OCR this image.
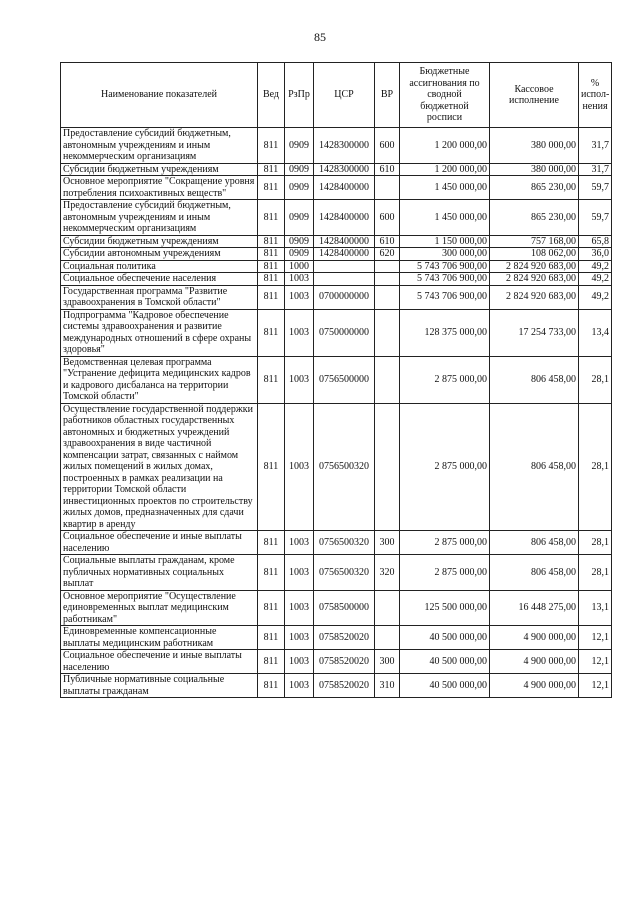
85
Наименование показателей	Вед	РзПр	ЦСР	ВР	Бюджетные ассигнования по сводной бюджетной росписи	Кассовое исполнение	% испол-нения
Предоставление субсидий бюджетным, автономным учреждениям и иным некоммерческим организациям	811	0909	1428300000	600	1 200 000,00	380 000,00	31,7
Субсидии бюджетным учреждениям	811	0909	1428300000	610	1 200 000,00	380 000,00	31,7
Основное мероприятие "Сокращение уровня потребления психоактивных веществ"	811	0909	1428400000		1 450 000,00	865 230,00	59,7
Предоставление субсидий бюджетным, автономным учреждениям и иным некоммерческим организациям	811	0909	1428400000	600	1 450 000,00	865 230,00	59,7
Субсидии бюджетным учреждениям	811	0909	1428400000	610	1 150 000,00	757 168,00	65,8
Субсидии автономным учреждениям	811	0909	1428400000	620	300 000,00	108 062,00	36,0
Социальная политика	811	1000			5 743 706 900,00	2 824 920 683,00	49,2
Социальное обеспечение населения	811	1003			5 743 706 900,00	2 824 920 683,00	49,2
Государственная программа "Развитие здравоохранения в Томской области"	811	1003	0700000000		5 743 706 900,00	2 824 920 683,00	49,2
Подпрограмма "Кадровое обеспечение системы здравоохранения и развитие международных отношений в сфере охраны здоровья"	811	1003	0750000000		128 375 000,00	17 254 733,00	13,4
Ведомственная целевая программа "Устранение дефицита медицинских кадров и кадрового дисбаланса на территории Томской области"	811	1003	0756500000		2 875 000,00	806 458,00	28,1
Осуществление государственной поддержки работников областных государственных автономных и бюджетных учреждений здравоохранения в виде частичной компенсации затрат, связанных с наймом жилых помещений в жилых домах, построенных в рамках реализации на территории Томской области инвестиционных проектов по строительству жилых домов, предназначенных для сдачи квартир в аренду	811	1003	0756500320		2 875 000,00	806 458,00	28,1
Социальное обеспечение и иные выплаты населению	811	1003	0756500320	300	2 875 000,00	806 458,00	28,1
Социальные выплаты гражданам, кроме публичных нормативных социальных выплат	811	1003	0756500320	320	2 875 000,00	806 458,00	28,1
Основное мероприятие "Осуществление единовременных выплат медицинским работникам"	811	1003	0758500000		125 500 000,00	16 448 275,00	13,1
Единовременные компенсационные выплаты медицинским работникам	811	1003	0758520020		40 500 000,00	4 900 000,00	12,1
Социальное обеспечение и иные выплаты населению	811	1003	0758520020	300	40 500 000,00	4 900 000,00	12,1
Публичные нормативные социальные выплаты гражданам	811	1003	0758520020	310	40 500 000,00	4 900 000,00	12,1
